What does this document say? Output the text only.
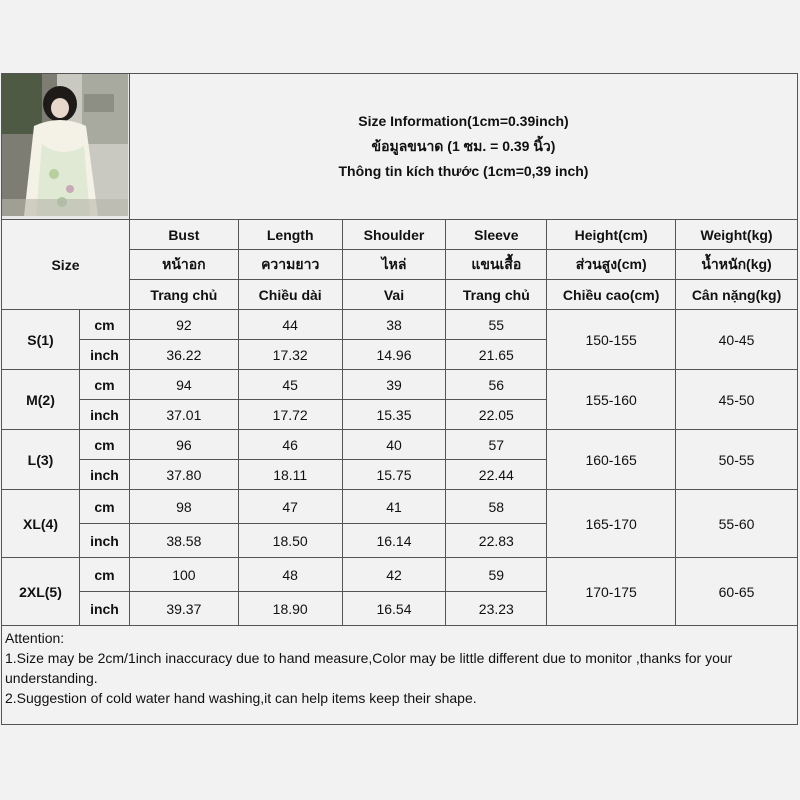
Size Information(1cm=0.39inch)
ข้อมูลขนาด (1 ซม. = 0.39 นิ้ว)
Thông tin kích thước (1cm=0,39 inch)					

Size		Bust	Length	Shoulder	Sleeve	Height(cm)	Weight(kg)
		หน้าอก	ความยาว	ไหล่	แขนเสื้อ	ส่วนสูง(cm)	น้ำหนัก(kg)
		Trang chủ	Chiều dài	Vai	Trang chủ	Chiều cao(cm)	Cân nặng(kg)
S(1)	cm	92	44	38	55	150-155	40-45
	inch	36.22	17.32	14.96	21.65		
M(2)	cm	94	45	39	56	155-160	45-50
	inch	37.01	17.72	15.35	22.05		
L(3)	cm	96	46	40	57	160-165	50-55
	inch	37.80	18.11	15.75	22.44		
XL(4)	cm	98	47	41	58	165-170	55-60
	inch	38.58	18.50	16.14	22.83		
2XL(5)	cm	100	48	42	59	170-175	60-65
	inch	39.37	18.90	16.54	23.23		
Attention:
1.Size may be 2cm/1inch inaccuracy due to hand measure,Color may be little different due to monitor ,thanks for your understanding.
2.Suggestion of cold water hand washing,it can help items keep their shape.
